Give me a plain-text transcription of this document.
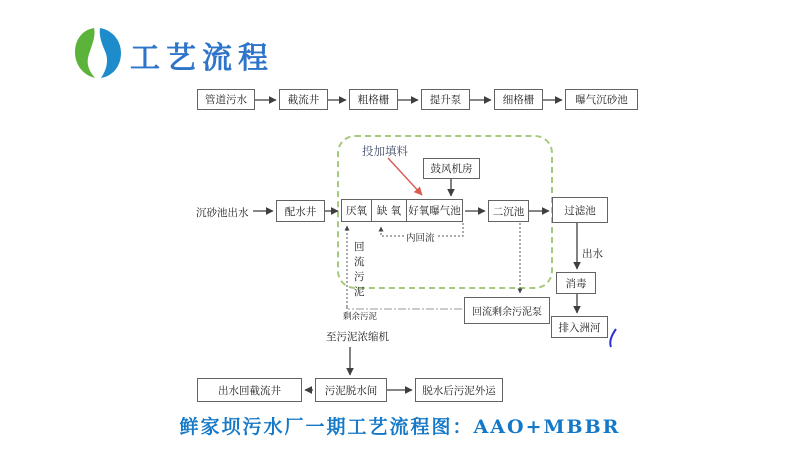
工艺流程
管道污水	截流井	粗格栅	提升泵	细格栅	曝气沉砂池
沉砂池出水	配水井	厌氧 缺 氧 好氧曝气池	二沉池	过滤池
鼓风机房
投加填料
内回流
回流污泥
出水
消毒
排入洲河
回流剩余污泥泵
剩余污泥
至污泥浓缩机
出水回截流井	污泥脱水间	脱水后污泥外运
鲜家坝污水厂一期工艺流程图：AAO+MBBR
